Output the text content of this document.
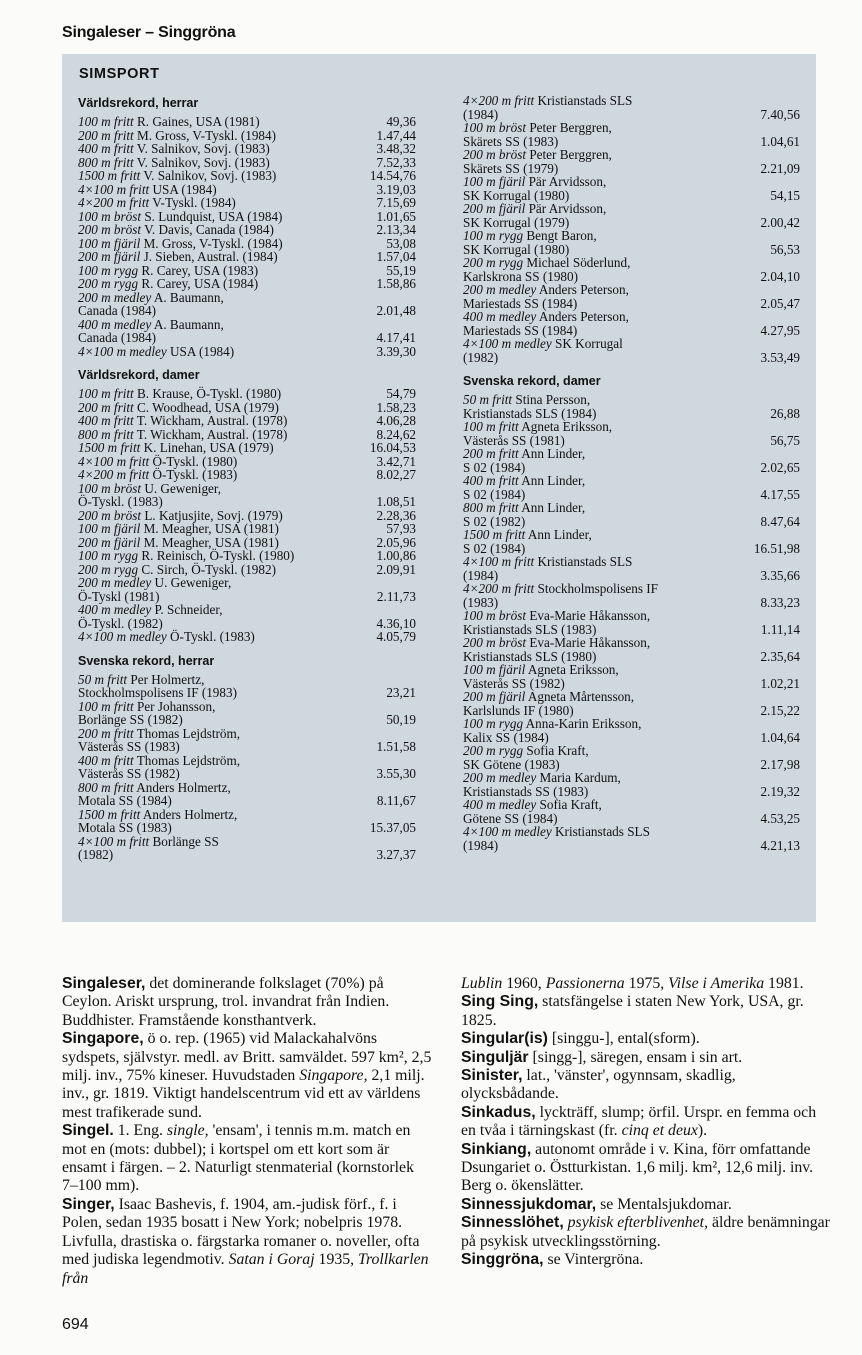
Singaleser – Singgröna
SIMSPORT
Världsrekord, herrar
100 m fritt R. Gaines, USA (1981)	49,36
200 m fritt M. Gross, V-Tyskl. (1984)	1.47,44
400 m fritt V. Salnikov, Sovj. (1983)	3.48,32
800 m fritt V. Salnikov, Sovj. (1983)	7.52,33
1500 m fritt V. Salnikov, Sovj. (1983)	14.54,76
4×100 m fritt USA (1984)	3.19,03
4×200 m fritt V-Tyskl. (1984)	7.15,69
100 m bröst S. Lundquist, USA (1984)	1.01,65
200 m bröst V. Davis, Canada (1984)	2.13,34
100 m fjäril M. Gross, V-Tyskl. (1984)	53,08
200 m fjäril J. Sieben, Austral. (1984)	1.57,04
100 m rygg R. Carey, USA (1983)	55,19
200 m rygg R. Carey, USA (1984)	1.58,86
200 m medley A. Baumann,
Canada (1984)	2.01,48
400 m medley A. Baumann,
Canada (1984)	4.17,41
4×100 m medley USA (1984)	3.39,30
Världsrekord, damer
100 m fritt B. Krause, Ö-Tyskl. (1980)	54,79
200 m fritt C. Woodhead, USA (1979)	1.58,23
400 m fritt T. Wickham, Austral. (1978)	4.06,28
800 m fritt T. Wickham, Austral. (1978)	8.24,62
1500 m fritt K. Linehan, USA (1979)	16.04,53
4×100 m fritt Ö-Tyskl. (1980)	3.42,71
4×200 m fritt Ö-Tyskl. (1983)	8.02,27
100 m bröst U. Geweniger,
Ö-Tyskl. (1983)	1.08,51
200 m bröst L. Katjusjite, Sovj. (1979)	2.28,36
100 m fjäril M. Meagher, USA (1981)	57,93
200 m fjäril M. Meagher, USA (1981)	2.05,96
100 m rygg R. Reinisch, Ö-Tyskl. (1980)	1.00,86
200 m rygg C. Sirch, Ö-Tyskl. (1982)	2.09,91
200 m medley U. Geweniger,
Ö-Tyskl (1981)	2.11,73
400 m medley P. Schneider,
Ö-Tyskl. (1982)	4.36,10
4×100 m medley Ö-Tyskl. (1983)	4.05,79
Svenska rekord, herrar
50 m fritt Per Holmertz,
Stockholmspolisens IF (1983)	23,21
100 m fritt Per Johansson,
Borlänge SS (1982)	50,19
200 m fritt Thomas Lejdström,
Västerås SS (1983)	1.51,58
400 m fritt Thomas Lejdström,
Västerås SS (1982)	3.55,30
800 m fritt Anders Holmertz,
Motala SS (1984)	8.11,67
1500 m fritt Anders Holmertz,
Motala SS (1983)	15.37,05
4×100 m fritt Borlänge SS
(1982)	3.27,37
4×200 m fritt Kristianstads SLS
(1984)	7.40,56
100 m bröst Peter Berggren,
Skärets SS (1983)	1.04,61
200 m bröst Peter Berggren,
Skärets SS (1979)	2.21,09
100 m fjäril Pär Arvidsson,
SK Korrugal (1980)	54,15
200 m fjäril Pär Arvidsson,
SK Korrugal (1979)	2.00,42
100 m rygg Bengt Baron,
SK Korrugal (1980)	56,53
200 m rygg Michael Söderlund,
Karlskrona SS (1980)	2.04,10
200 m medley Anders Peterson,
Mariestads SS (1984)	2.05,47
400 m medley Anders Peterson,
Mariestads SS (1984)	4.27,95
4×100 m medley SK Korrugal
(1982)	3.53,49
Svenska rekord, damer
50 m fritt Stina Persson,
Kristianstads SLS (1984)	26,88
100 m fritt Agneta Eriksson,
Västerås SS (1981)	56,75
200 m fritt Ann Linder,
S 02 (1984)	2.02,65
400 m fritt Ann Linder,
S 02 (1984)	4.17,55
800 m fritt Ann Linder,
S 02 (1982)	8.47,64
1500 m fritt Ann Linder,
S 02 (1984)	16.51,98
4×100 m fritt Kristianstads SLS
(1984)	3.35,66
4×200 m fritt Stockholmspolisens IF
(1983)	8.33,23
100 m bröst Eva-Marie Håkansson,
Kristianstads SLS (1983)	1.11,14
200 m bröst Eva-Marie Håkansson,
Kristianstads SLS (1980)	2.35,64
100 m fjäril Agneta Eriksson,
Västerås SS (1982)	1.02,21
200 m fjäril Agneta Mårtensson,
Karlslunds IF (1980)	2.15,22
100 m rygg Anna-Karin Eriksson,
Kalix SS (1984)	1.04,64
200 m rygg Sofia Kraft,
SK Götene (1983)	2.17,98
200 m medley Maria Kardum,
Kristianstads SS (1983)	2.19,32
400 m medley Sofia Kraft,
Götene SS (1984)	4.53,25
4×100 m medley Kristianstads SLS
(1984)	4.21,13

Singaleser, det dominerande folkslaget (70%) på Ceylon. Ariskt ursprung, trol. invandrat från Indien. Buddhister. Framstående konsthantverk.

Singapore, ö o. rep. (1965) vid Malackahalvöns sydspets, självstyr. medl. av Britt. samväldet. 597 km², 2,5 milj. inv., 75% kineser. Huvudstaden Singapore, 2,1 milj. inv., gr. 1819. Viktigt handelscentrum vid ett av världens mest trafikerade sund.

Singel. 1. Eng. single, 'ensam', i tennis m.m. match en mot en (mots: dubbel); i kortspel om ett kort som är ensamt i färgen. – 2. Naturligt stenmaterial (kornstorlek 7–100 mm).

Singer, Isaac Bashevis, f. 1904, am.-judisk förf., f. i Polen, sedan 1935 bosatt i New York; nobelpris 1978. Livfulla, drastiska o. färgstarka romaner o. noveller, ofta med judiska legendmotiv. Satan i Goraj 1935, Trollkarlen från

Lublin 1960, Passionerna 1975, Vilse i Amerika 1981.

Sing Sing, statsfängelse i staten New York, USA, gr. 1825.

Singular(is) [singgu-], ental(sform).

Singuljär [singg-], säregen, ensam i sin art.

Sinister, lat., 'vänster', ogynnsam, skadlig, olycksbådande.

Sinkadus, lyckträff, slump; örfil. Urspr. en femma och en tvåa i tärningskast (fr. cinq et deux).

Sinkiang, autonomt område i v. Kina, förr omfattande Dsungariet o. Östturkistan. 1,6 milj. km², 12,6 milj. inv. Berg o. ökenslätter.

Sinnessjukdomar, se Mentalsjukdomar.

Sinnesslöhet, psykisk efterblivenhet, äldre benämningar på psykisk utvecklingsstörning.

Singgröna, se Vintergröna.

694
